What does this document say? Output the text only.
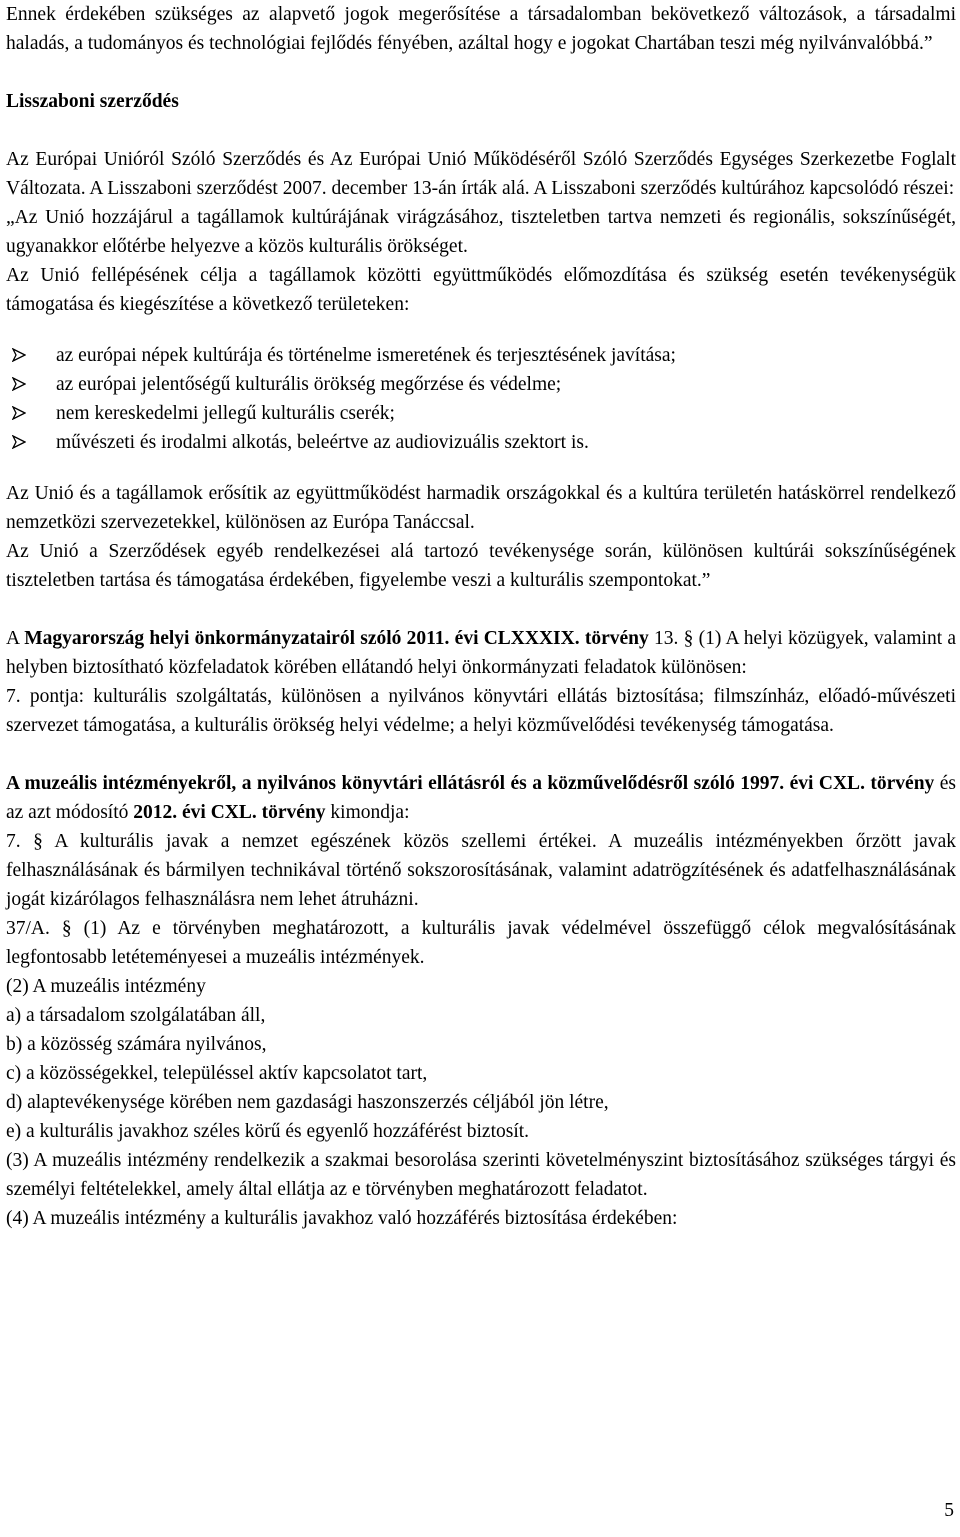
Ennek érdekében szükséges az alapvető jogok megerősítése a társadalomban bekövetkező változások, a társadalmi haladás, a tudományos és technológiai fejlődés fényében, azáltal hogy e jogokat Chartában teszi még nyilvánvalóbbá.”

Lisszaboni szerződés

Az Európai Unióról Szóló Szerződés és Az Európai Unió Működéséről Szóló Szerződés Egységes Szerkezetbe Foglalt Változata. A Lisszaboni szerződést 2007. december 13-án írták alá. A Lisszaboni szerződés kultúrához kapcsolódó részei:

„Az Unió hozzájárul a tagállamok kultúrájának virágzásához, tiszteletben tartva nemzeti és regionális, sokszínűségét, ugyanakkor előtérbe helyezve a közös kulturális örökséget.

Az Unió fellépésének célja a tagállamok közötti együttműködés előmozdítása és szükség esetén tevékenységük támogatása és kiegészítése a következő területeken:

az európai népek kultúrája és történelme ismeretének és terjesztésének javítása;
az európai jelentőségű kulturális örökség megőrzése és védelme;
nem kereskedelmi jellegű kulturális cserék;
művészeti és irodalmi alkotás, beleértve az audiovizuális szektort is.

Az Unió és a tagállamok erősítik az együttműködést harmadik országokkal és a kultúra területén hatáskörrel rendelkező nemzetközi szervezetekkel, különösen az Európa Tanáccsal.

Az Unió a Szerződések egyéb rendelkezései alá tartozó tevékenysége során, különösen kultúrái sokszínűségének tiszteletben tartása és támogatása érdekében, figyelembe veszi a kulturális szempontokat.”

A Magyarország helyi önkormányzatairól szóló 2011. évi CLXXXIX. törvény 13. § (1) A helyi közügyek, valamint a helyben biztosítható közfeladatok körében ellátandó helyi önkormányzati feladatok különösen:

7. pontja: kulturális szolgáltatás, különösen a nyilvános könyvtári ellátás biztosítása; filmszínház, előadó-művészeti szervezet támogatása, a kulturális örökség helyi védelme; a helyi közművelődési tevékenység támogatása.

A muzeális intézményekről, a nyilvános könyvtári ellátásról és a közművelődésről szóló 1997. évi CXL. törvény és az azt módosító 2012. évi CXL. törvény kimondja:

7. § A kulturális javak a nemzet egészének közös szellemi értékei. A muzeális intézményekben őrzött javak felhasználásának és bármilyen technikával történő sokszorosításának, valamint adatrögzítésének és adatfelhasználásának jogát kizárólagos felhasználásra nem lehet átruházni.

37/A. § (1) Az e törvényben meghatározott, a kulturális javak védelmével összefüggő célok megvalósításának legfontosabb letéteményesei a muzeális intézmények.

(2) A muzeális intézmény

a) a társadalom szolgálatában áll,

b) a közösség számára nyilvános,

c) a közösségekkel, településsel aktív kapcsolatot tart,

d) alaptevékenysége körében nem gazdasági haszonszerzés céljából jön létre,

e) a kulturális javakhoz széles körű és egyenlő hozzáférést biztosít.

(3) A muzeális intézmény rendelkezik a szakmai besorolása szerinti követelményszint biztosításához szükséges tárgyi és személyi feltételekkel, amely által ellátja az e törvényben meghatározott feladatot.

(4) A muzeális intézmény a kulturális javakhoz való hozzáférés biztosítása érdekében:

5
